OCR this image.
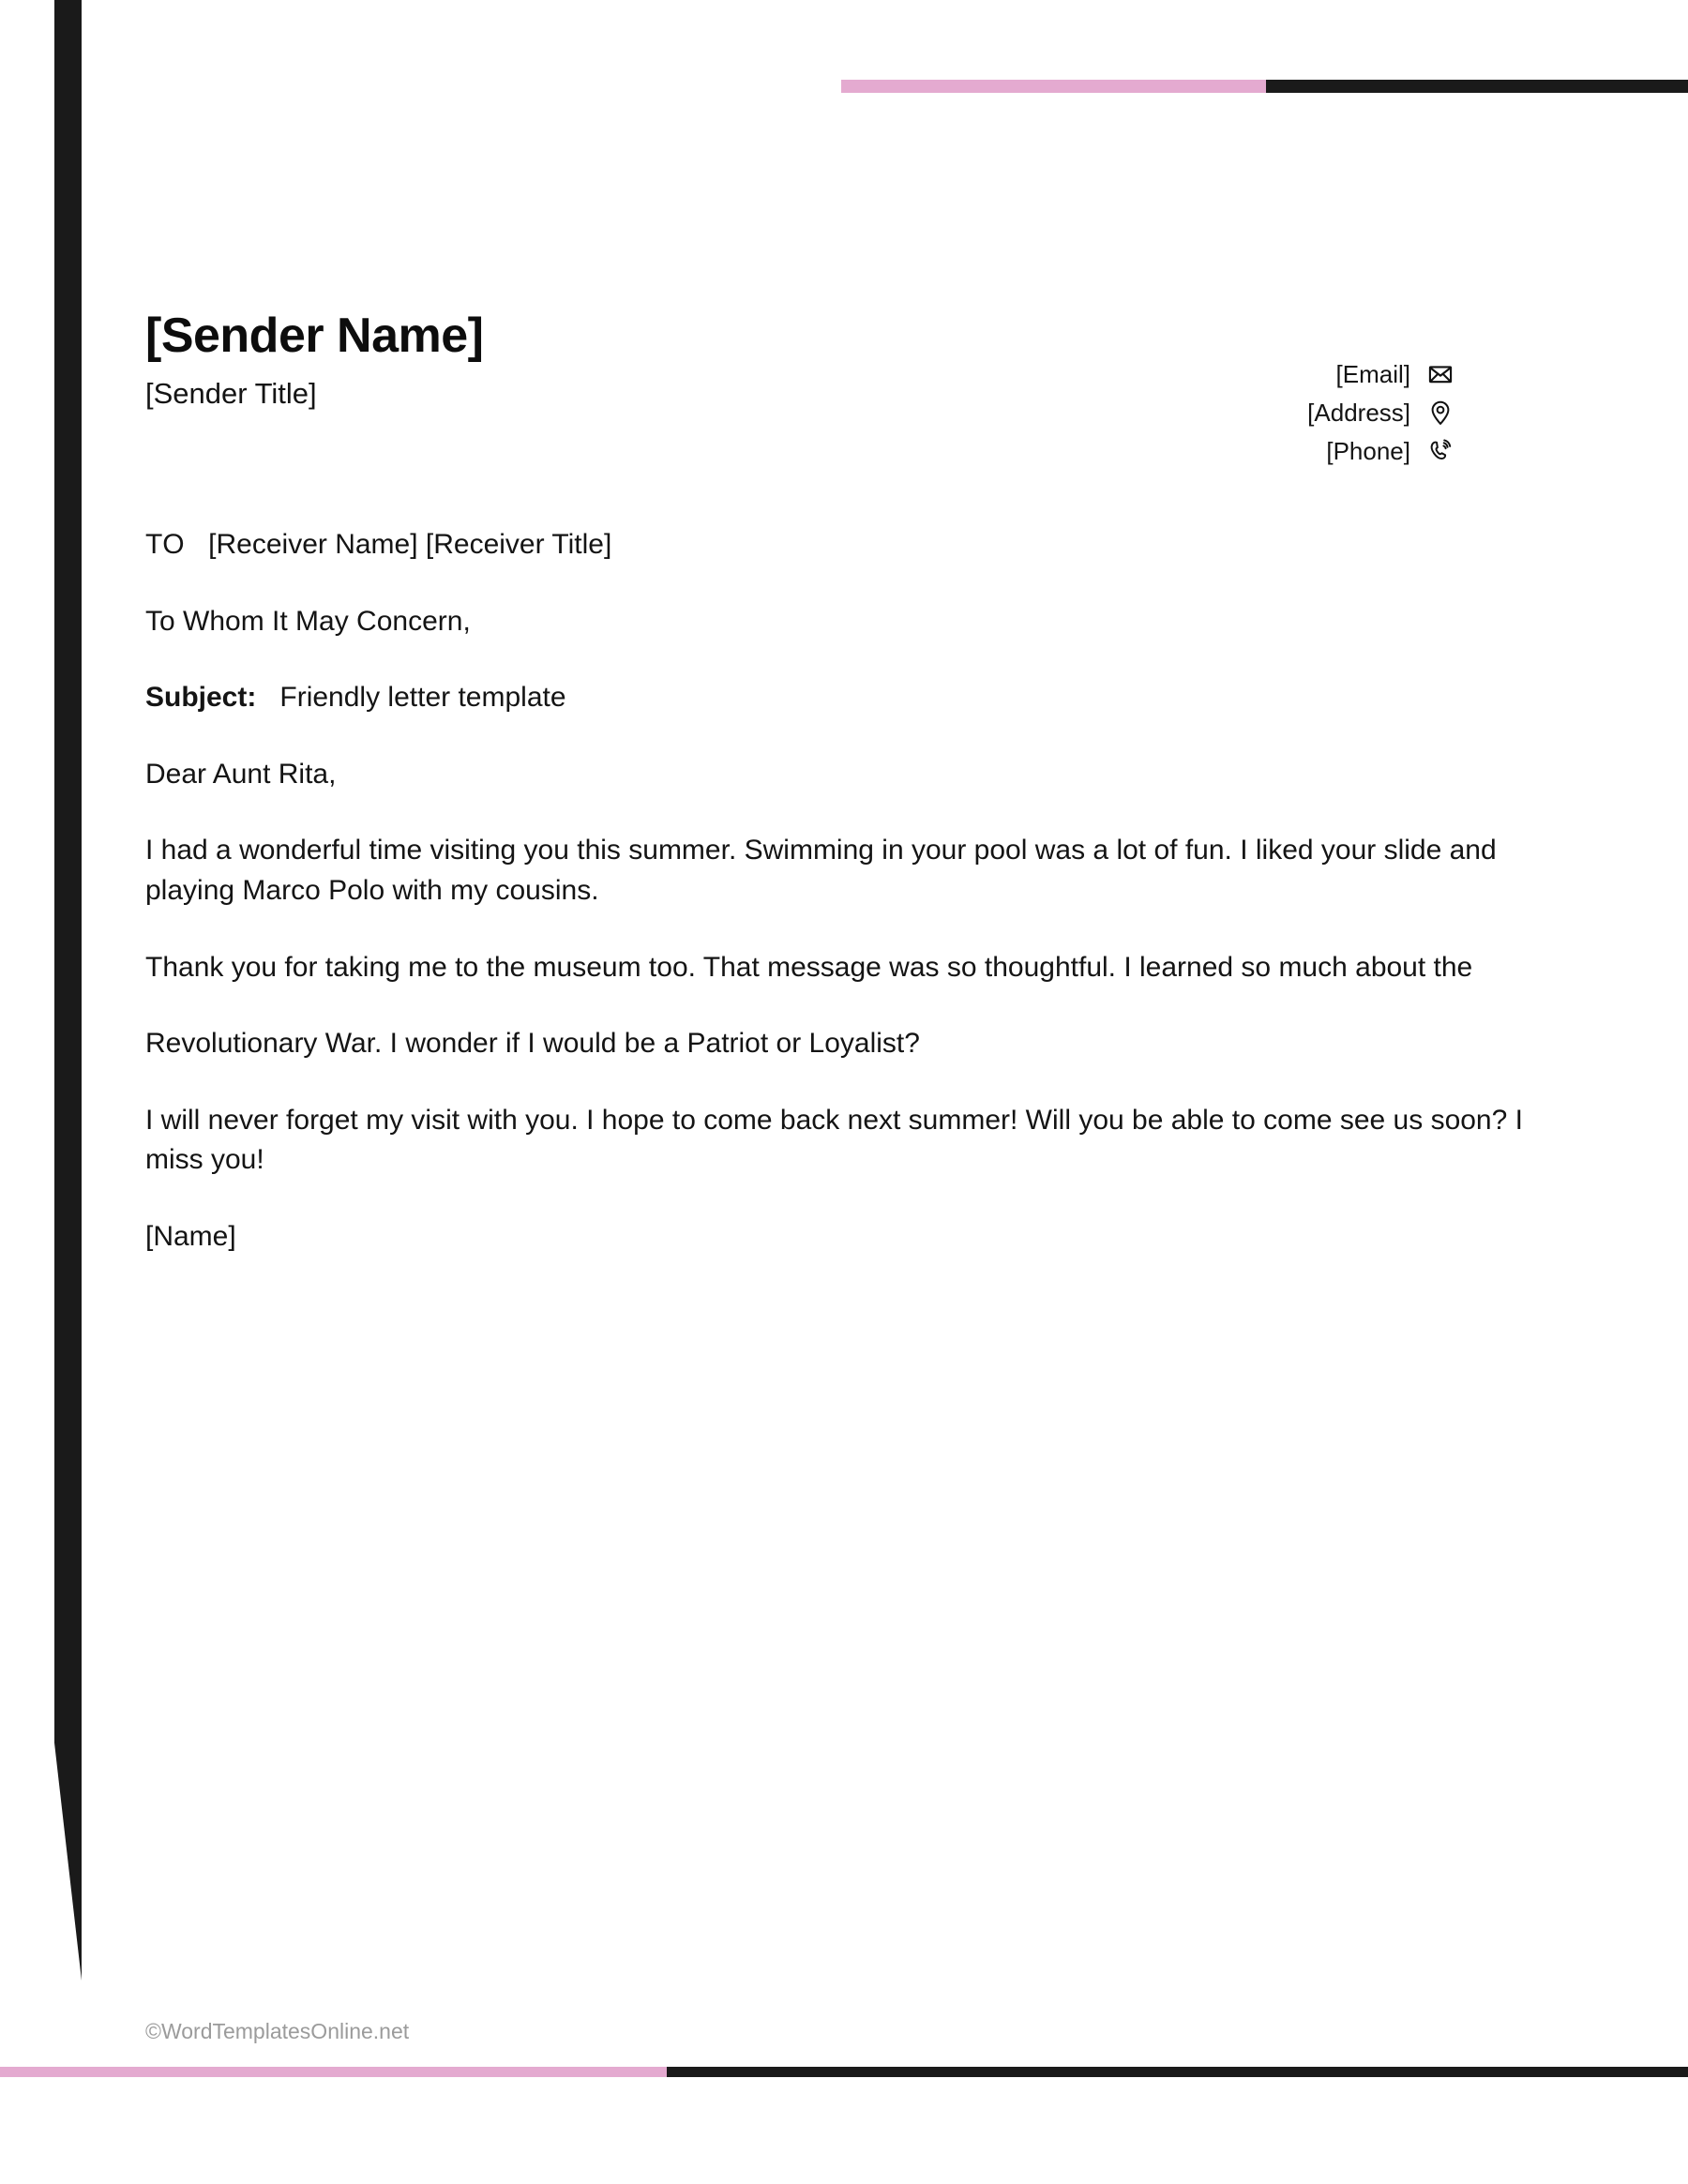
[Sender Name]
[Sender Title]
[Email]
[Address]
[Phone]

TO [Receiver Name] [Receiver Title]

To Whom It May Concern,

Subject: Friendly letter template

Dear Aunt Rita,

I had a wonderful time visiting you this summer. Swimming in your pool was a lot of fun. I liked your slide and playing Marco Polo with my cousins.

Thank you for taking me to the museum too. That message was so thoughtful. I learned so much about the

Revolutionary War. I wonder if I would be a Patriot or Loyalist?

I will never forget my visit with you. I hope to come back next summer! Will you be able to come see us soon? I miss you!

[Name]

©WordTemplatesOnline.net
